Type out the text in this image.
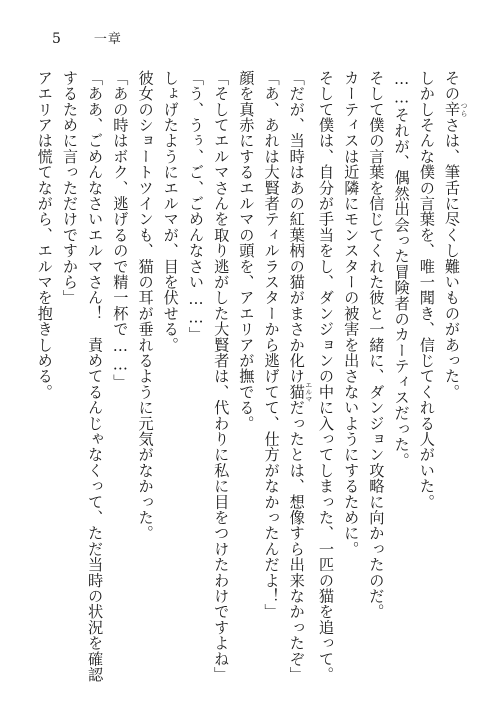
5 一章

その辛 つらさは、筆舌に尽くし難いものがあった。

しかしそんな僕の言葉を、唯一聞き、信じてくれる人がいた。

……それが、偶然出会った冒険者のカーティスだった。

そして僕の言葉を信じてくれた彼と一緒に、ダンジョン攻略に向かったのだ。

カーティスは近隣にモンスターの被害を出さないようにするために。

そして僕は、自分が手当をし、ダンジョンの中に入ってしまった、一匹の猫を追って。

「だが、当時はあの紅葉柄の猫がまさか化け猫 エルマだったとは、想像すら出来なかったぞ」

「あ、あれは大賢者ティルラスターから逃げてて、仕方がなかったんだよ！」

顔を真赤にするエルマの頭を、アエリアが撫でる。

「そしてエルマさんを取り逃がした大賢者は、代わりに私に目をつけたわけですよね」

「う、うぅ、ご、ごめんなさい……」

しょげたようにエルマが、目を伏せる。

彼女のショートツインも、猫の耳が垂れるように元気がなかった。

「あの時はボク、逃げるので精一杯で……」

「ああ、ごめんなさいエルマさん！　責めてるんじゃなくって、ただ当時の状況を確認するために言っただけですから」

アエリアは慌てながら、エルマを抱きしめる。
